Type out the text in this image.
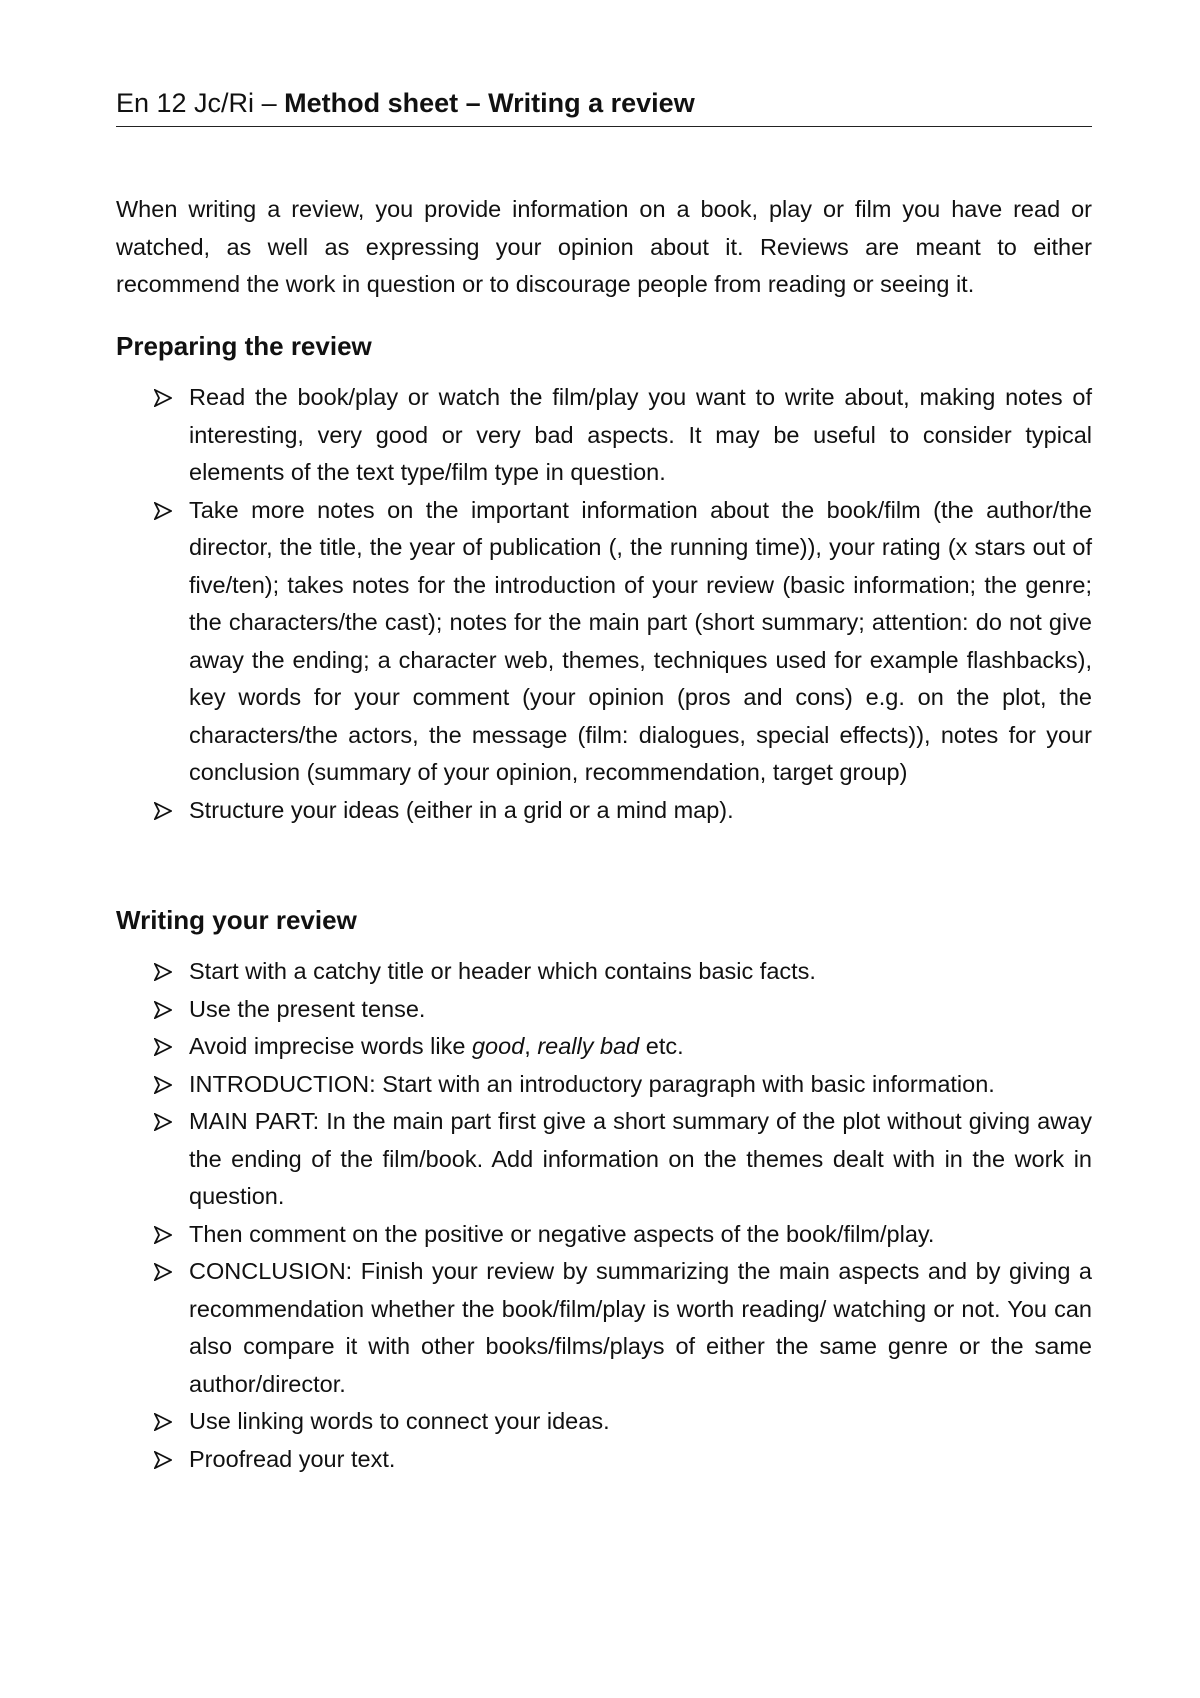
En 12 Jc/Ri – Method sheet – Writing a review

When writing a review, you provide information on a book, play or film you have read or watched, as well as expressing your opinion about it. Reviews are meant to either recommend the work in question or to discourage people from reading or seeing it.

Preparing the review
Read the book/play or watch the film/play you want to write about, making notes of interesting, very good or very bad aspects. It may be useful to consider typical elements of the text type/film type in question.
Take more notes on the important information about the book/film (the author/the director, the title, the year of publication (, the running time)), your rating (x stars out of five/ten); takes notes for the introduction of your review (basic information; the genre; the characters/the cast); notes for the main part (short summary; attention: do not give away the ending; a character web, themes, techniques used for example flashbacks), key words for your comment (your opinion (pros and cons) e.g. on the plot, the characters/the actors, the message (film: dialogues, special effects)), notes for your conclusion (summary of your opinion, recommendation, target group)
Structure your ideas (either in a grid or a mind map).
Writing your review
Start with a catchy title or header which contains basic facts.
Use the present tense.
Avoid imprecise words like good, really bad etc.
INTRODUCTION: Start with an introductory paragraph with basic information.
MAIN PART: In the main part first give a short summary of the plot without giving away the ending of the film/book. Add information on the themes dealt with in the work in question.
Then comment on the positive or negative aspects of the book/film/play.
CONCLUSION: Finish your review by summarizing the main aspects and by giving a recommendation whether the book/film/play is worth reading/ watching or not. You can also compare it with other books/films/plays of either the same genre or the same author/director.
Use linking words to connect your ideas.
Proofread your text.
